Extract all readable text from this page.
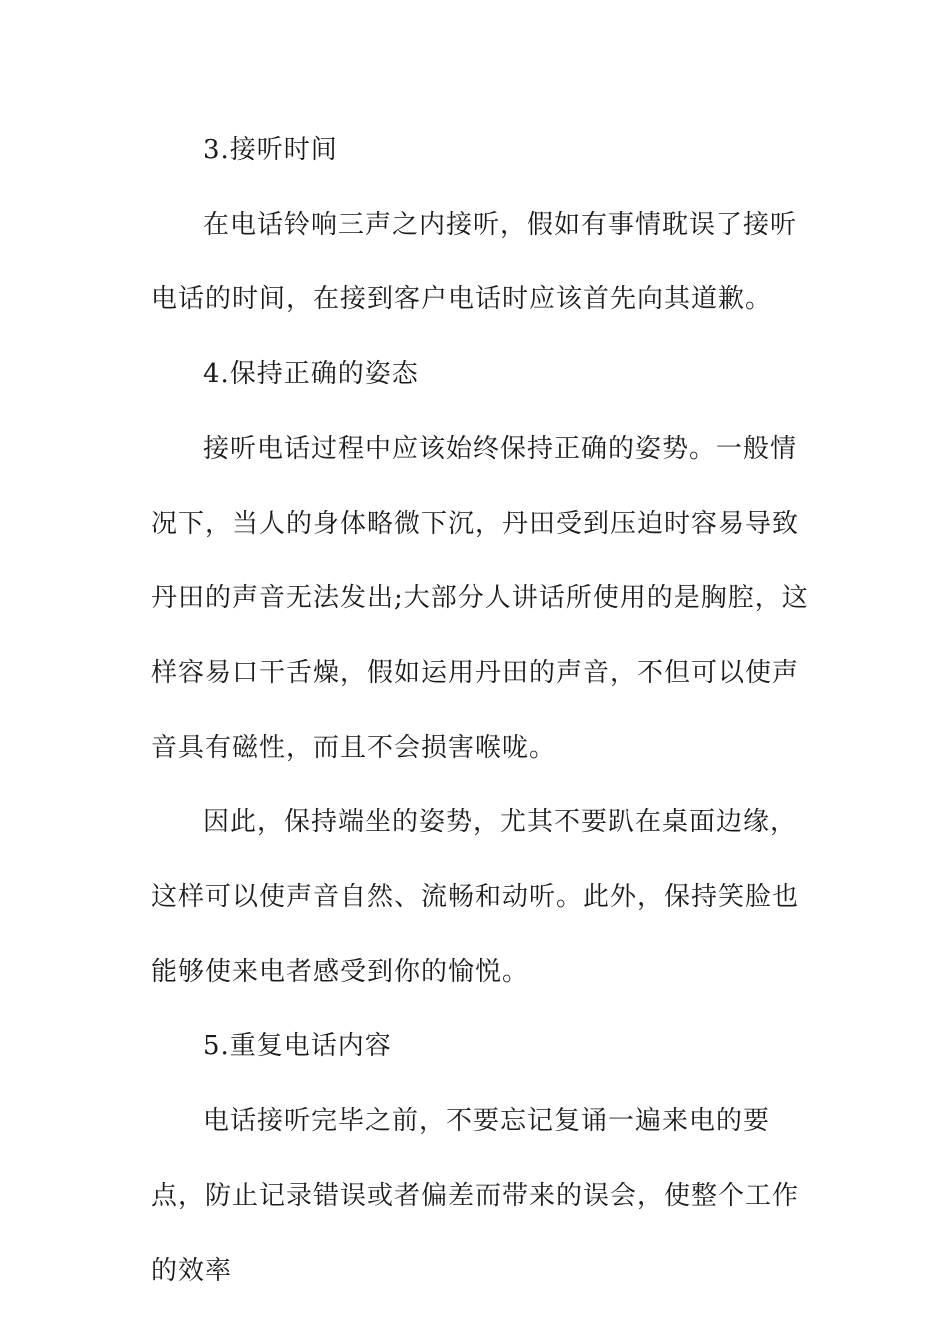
3.接听时间

在电话铃响三声之内接听，假如有事情耽误了接听电话的时间，在接到客户电话时应该首先向其道歉。

4.保持正确的姿态

接听电话过程中应该始终保持正确的姿势。一般情况下，当人的身体略微下沉，丹田受到压迫时容易导致丹田的声音无法发出;大部分人讲话所使用的是胸腔，这样容易口干舌燥，假如运用丹田的声音，不但可以使声音具有磁性，而且不会损害喉咙。

因此，保持端坐的姿势，尤其不要趴在桌面边缘，这样可以使声音自然、流畅和动听。此外，保持笑脸也能够使来电者感受到你的愉悦。

5.重复电话内容

电话接听完毕之前，不要忘记复诵一遍来电的要点，防止记录错误或者偏差而带来的误会，使整个工作的效率
